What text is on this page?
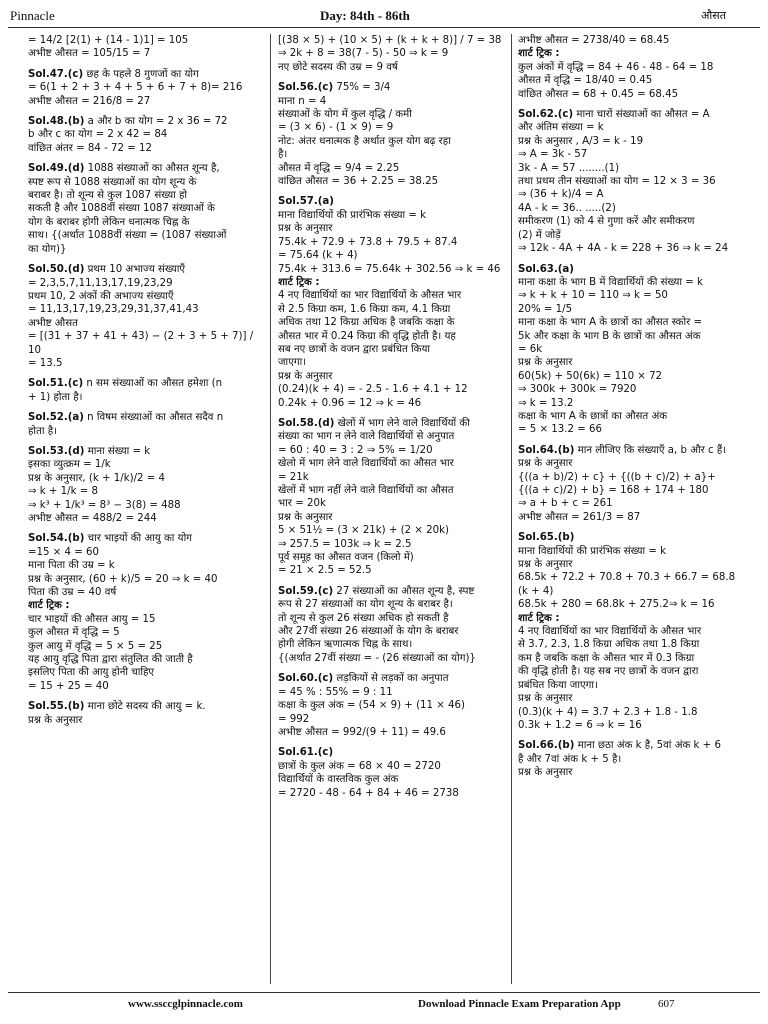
Pinnacle	Day: 84th - 86th	औसत

= 14/2 [2(1) + (14 - 1)1] = 105

अभीष्ट औसत = 105/15 = 7

Sol.47.(c) छह के पहले 8 गुणजों का योग

= 6(1 + 2 + 3 + 4 + 5 + 6 + 7 + 8)= 216

अभीष्ट औसत = 216/8 = 27

Sol.48.(b) a और b का योग = 2 x 36 = 72

b और c का योग = 2 x 42 = 84

वांछित अंतर = 84 - 72 = 12

Sol.49.(d) 1088 संख्याओं का औसत शून्य है,

स्पष्ट रूप से 1088 संख्याओं का योग शून्य के

बराबर है। तो शून्य से कुल 1087 संख्या हो

सकती है और 1088वीं संख्या 1087 संख्याओं के

योग के बराबर होगी लेकिन धनात्मक चिह्न के

साथ। {(अर्थात 1088वीं संख्या = (1087 संख्याओं

का योग)}

Sol.50.(d) प्रथम 10 अभाज्य संख्याएँ

= 2,3,5,7,11,13,17,19,23,29

प्रथम 10, 2 अंकों की अभाज्य संख्याएँ

= 11,13,17,19,23,29,31,37,41,43

अभीष्ट औसत

= [(31 + 37 + 41 + 43) − (2 + 3 + 5 + 7)] / 10

= 13.5

Sol.51.(c) n सम संख्याओं का औसत हमेशा (n

+ 1) होता है।

Sol.52.(a) n विषम संख्याओं का औसत सदैव n

होता है।

Sol.53.(d) माना संख्या = k

इसका व्युत्क्रम = 1/k

प्रश्न के अनुसार, (k + 1/k)/2 = 4

⇒ k + 1/k = 8

⇒ k³ + 1/k³ = 8³ − 3(8) = 488

अभीष्ट औसत = 488/2 = 244

Sol.54.(b) चार भाइयों की आयु का योग

=15 × 4 = 60

माना पिता की उम्र = k

प्रश्न के अनुसार, (60 + k)/5 = 20 ⇒ k = 40

पिता की उम्र = 40 वर्ष

शार्ट ट्रिक :

चार भाइयों की औसत आयु = 15

कुल औसत में वृद्धि = 5

कुल आयु में वृद्धि = 5 × 5 = 25

यह आयु वृद्धि पिता द्वारा संतुलित की जाती है

इसलिए पिता की आयु होनी चाहिए

= 15 + 25 = 40

Sol.55.(b) माना छोटे सदस्य की आयु = k.

प्रश्न के अनुसार

[(38 × 5) + (10 × 5) + (k + k + 8)] / 7 = 38

⇒ 2k + 8 = 38(7 - 5) - 50 ⇒ k = 9

नए छोटे सदस्य की उम्र = 9 वर्ष

Sol.56.(c) 75% = 3/4

माना n = 4

संख्याओं के योग में कुल वृद्धि / कमी

= (3 × 6) - (1 × 9) = 9

नोट: अंतर धनात्मक है अर्थात कुल योग बढ़ रहा

है।

औसत में वृद्धि = 9/4 = 2.25

वांछित औसत = 36 + 2.25 = 38.25

Sol.57.(a)

माना विद्यार्थियों की प्रारंभिक संख्या = k

प्रश्न के अनुसार

75.4k + 72.9 + 73.8 + 79.5 + 87.4

= 75.64 (k + 4)

75.4k + 313.6 = 75.64k + 302.56 ⇒ k = 46

शार्ट ट्रिक :

4 नए विद्यार्थियों का भार विद्यार्थियों के औसत भार

से 2.5 किग्रा कम, 1.6 किग्रा कम, 4.1 किग्रा

अधिक तथा 12 किग्रा अधिक है जबकि कक्षा के

औसत भार में 0.24 किग्रा की वृद्धि होती है। यह

सब नए छात्रों के वजन द्वारा प्रबंधित किया

जाएगा।

प्रश्न के अनुसार

(0.24)(k + 4) = - 2.5 - 1.6 + 4.1 + 12

0.24k + 0.96 = 12 ⇒ k = 46

Sol.58.(d) खेलों में भाग लेने वाले विद्यार्थियों की

संख्या का भाग न लेने वाले विद्यार्थियों से अनुपात

= 60 : 40 = 3 : 2 ⇒ 5% = 1/20

खेलो में भाग लेने वाले विद्यार्थियों का औसत भार

= 21k

खेलों में भाग नहीं लेने वाले विद्यार्थियों का औसत

भार = 20k

प्रश्न के अनुसार

5 × 51½ = (3 × 21k) + (2 × 20k)

⇒ 257.5 = 103k ⇒ k = 2.5

पूर्व समूह का औसत वजन (किलो में)

= 21 × 2.5 = 52.5

Sol.59.(c) 27 संख्याओं का औसत शून्य है, स्पष्ट

रूप से 27 संख्याओं का योग शून्य के बराबर है।

तो शून्य से कुल 26 संख्या अधिक हो सकती है

और 27वीं संख्या 26 संख्याओं के योग के बराबर

होगी लेकिन ऋणात्मक चिह्न के साथ।

{(अर्थात 27वीं संख्या = - (26 संख्याओं का योग)}

Sol.60.(c) लड़कियों से लड़कों का अनुपात

= 45 % : 55% = 9 : 11

कक्षा के कुल अंक = (54 × 9) + (11 × 46)

= 992

अभीष्ट औसत = 992/(9 + 11) = 49.6

Sol.61.(c)

छात्रों के कुल अंक = 68 × 40 = 2720

विद्यार्थियों के वास्तविक कुल अंक

= 2720 - 48 - 64 + 84 + 46 = 2738

अभीष्ट औसत = 2738/40 = 68.45

शार्ट ट्रिक :

कुल अंकों में वृद्धि = 84 + 46 - 48 - 64 = 18

औसत में वृद्धि = 18/40 = 0.45

वांछित औसत = 68 + 0.45 = 68.45

Sol.62.(c) माना चारों संख्याओं का औसत = A

और अंतिम संख्या = k

प्रश्न के अनुसार , A/3 = k - 19

⇒ A = 3k - 57

3k - A = 57 ........(1)

तथा प्रथम तीन संख्याओं का योग = 12 × 3 = 36

⇒ (36 + k)/4 = A

4A - k = 36.. .....(2)

समीकरण (1) को 4 से गुणा करें और समीकरण

(2) में जोड़ें

⇒ 12k - 4A + 4A - k = 228 + 36 ⇒ k = 24

Sol.63.(a)

माना कक्षा के भाग B में विद्यार्थियों की संख्या = k

⇒ k + k + 10 = 110 ⇒ k = 50

20% = 1/5

माना कक्षा के भाग A के छात्रों का औसत स्कोर =

5k और कक्षा के भाग B के छात्रों का औसत अंक

= 6k

प्रश्न के अनुसार

60(5k) + 50(6k) = 110 × 72

⇒ 300k + 300k = 7920

⇒ k = 13.2

कक्षा के भाग A के छात्रों का औसत अंक

= 5 × 13.2 = 66

Sol.64.(b) मान लीजिए कि संख्याएँ a, b और c हैं।

प्रश्न के अनुसार

{((a + b)/2) + c} + {((b + c)/2) + a}+

{((a + c)/2) + b} = 168 + 174 + 180

⇒ a + b + c = 261

अभीष्ट औसत = 261/3 = 87

Sol.65.(b)

माना विद्यार्थियों की प्रारंभिक संख्या = k

प्रश्न के अनुसार

68.5k + 72.2 + 70.8 + 70.3 + 66.7 = 68.8

(k + 4)

68.5k + 280 = 68.8k + 275.2⇒ k = 16

शार्ट ट्रिक :

4 नए विद्यार्थियों का भार विद्यार्थियों के औसत भार

से 3.7, 2.3, 1.8 किग्रा अधिक तथा 1.8 किग्रा

कम है जबकि कक्षा के औसत भार में 0.3 किग्रा

की वृद्धि होती है। यह सब नए छात्रों के वजन द्वारा

प्रबंधित किया जाएगा।

प्रश्न के अनुसार

(0.3)(k + 4) = 3.7 + 2.3 + 1.8 - 1.8

0.3k + 1.2 = 6 ⇒ k = 16

Sol.66.(b) माना छठा अंक k है, 5वां अंक k + 6

है और 7वां अंक k + 5 है।

प्रश्न के अनुसार

www.ssccglpinnacle.com	Download Pinnacle Exam Preparation App	607
